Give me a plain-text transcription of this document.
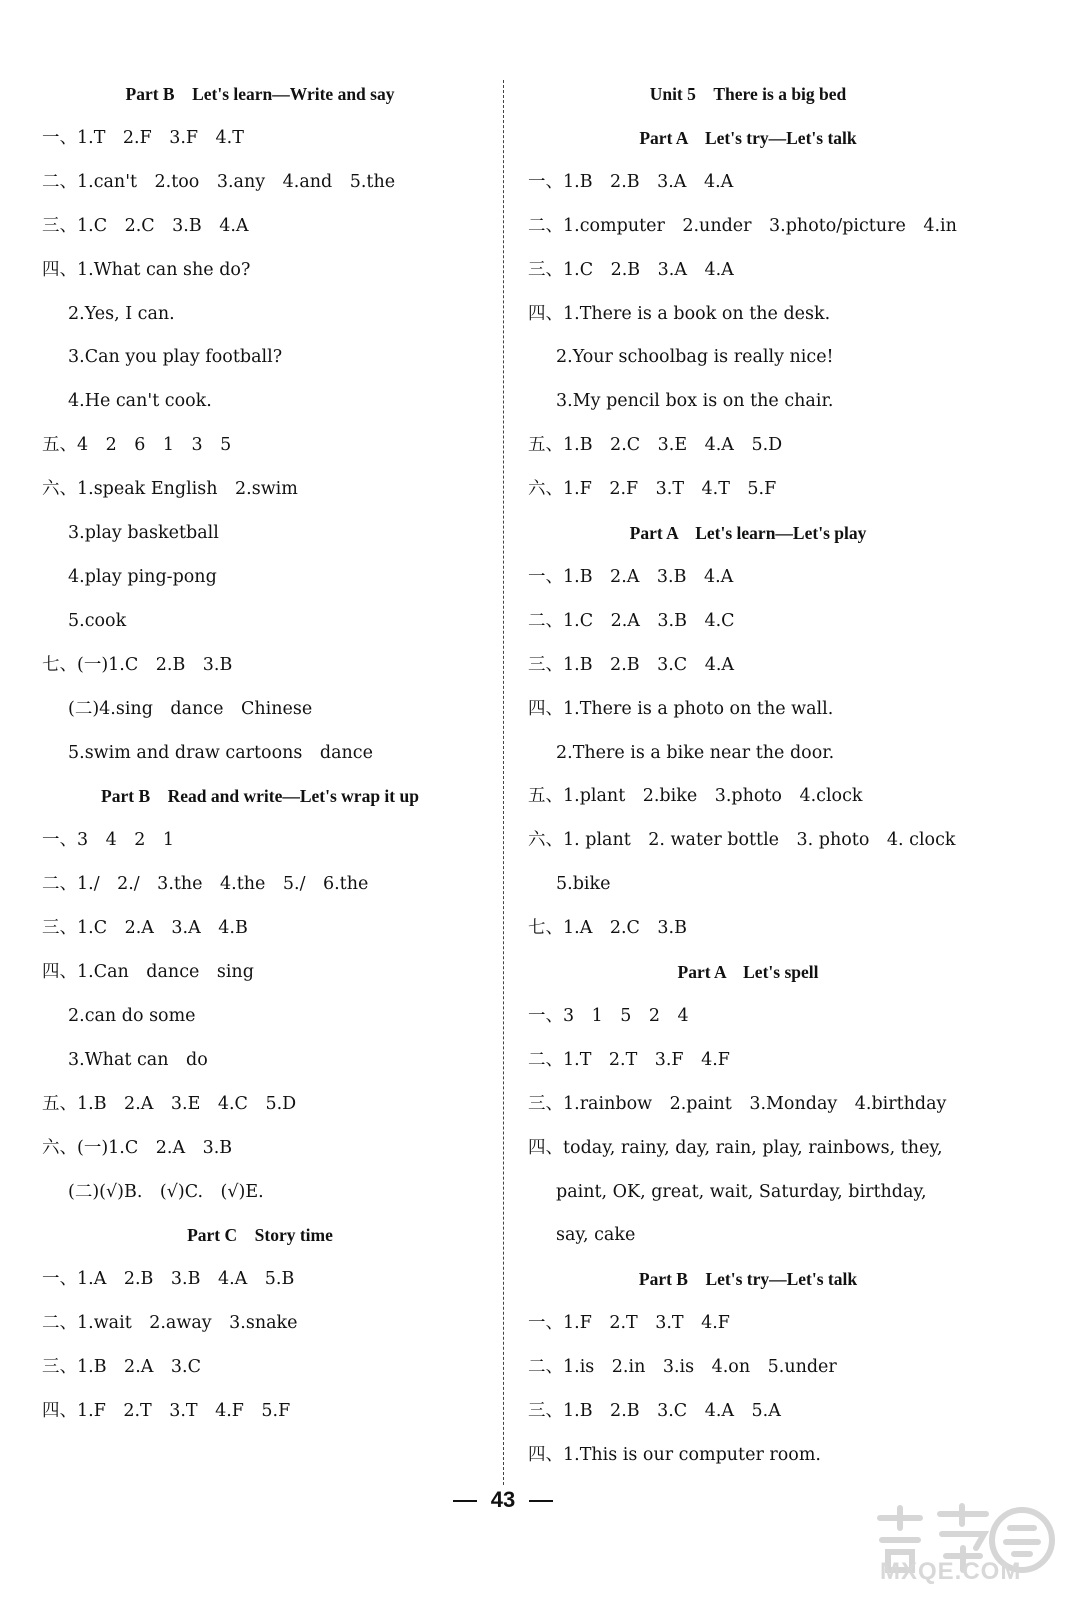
Part B　Let's learn—Write and say
一、1.T　2.F　3.F　4.T
二、1.can't　2.too　3.any　4.and　5.the
三、1.C　2.C　3.B　4.A
四、1.What can she do?
2.Yes, I can.
3.Can you play football?
4.He can't cook.
五、4　2　6　1　3　5
六、1.speak English　2.swim
3.play basketball
4.play ping-pong
5.cook
七、(一)1.C　2.B　3.B
(二)4.sing　dance　Chinese
5.swim and draw cartoons　dance
Part B　Read and write—Let's wrap it up
一、3　4　2　1
二、1./　2./　3.the　4.the　5./　6.the
三、1.C　2.A　3.A　4.B
四、1.Can　dance　sing
2.can do some
3.What can　do
五、1.B　2.A　3.E　4.C　5.D
六、(一)1.C　2.A　3.B
(二)(√)B.　(√)C.　(√)E.
Part C　Story time
一、1.A　2.B　3.B　4.A　5.B
二、1.wait　2.away　3.snake
三、1.B　2.A　3.C
四、1.F　2.T　3.T　4.F　5.F
Unit 5　There is a big bed
Part A　Let's try—Let's talk
一、1.B　2.B　3.A　4.A
二、1.computer　2.under　3.photo/picture　4.in
三、1.C　2.B　3.A　4.A
四、1.There is a book on the desk.
2.Your schoolbag is really nice!
3.My pencil box is on the chair.
五、1.B　2.C　3.E　4.A　5.D
六、1.F　2.F　3.T　4.T　5.F
Part A　Let's learn—Let's play
一、1.B　2.A　3.B　4.A
二、1.C　2.A　3.B　4.C
三、1.B　2.B　3.C　4.A
四、1.There is a photo on the wall.
2.There is a bike near the door.
五、1.plant　2.bike　3.photo　4.clock
六、1. plant　2. water bottle　3. photo　4. clock
5.bike
七、1.A　2.C　3.B
Part A　Let's spell
一、3　1　5　2　4
二、1.T　2.T　3.F　4.F
三、1.rainbow　2.paint　3.Monday　4.birthday
四、today, rainy, day, rain, play, rainbows, they,
paint, OK, great, wait, Saturday, birthday,
say, cake
Part B　Let's try—Let's talk
一、1.F　2.T　3.T　4.F
二、1.is　2.in　3.is　4.on　5.under
三、1.B　2.B　3.C　4.A　5.A
四、1.This is our computer room.
43
MXQE.COM
